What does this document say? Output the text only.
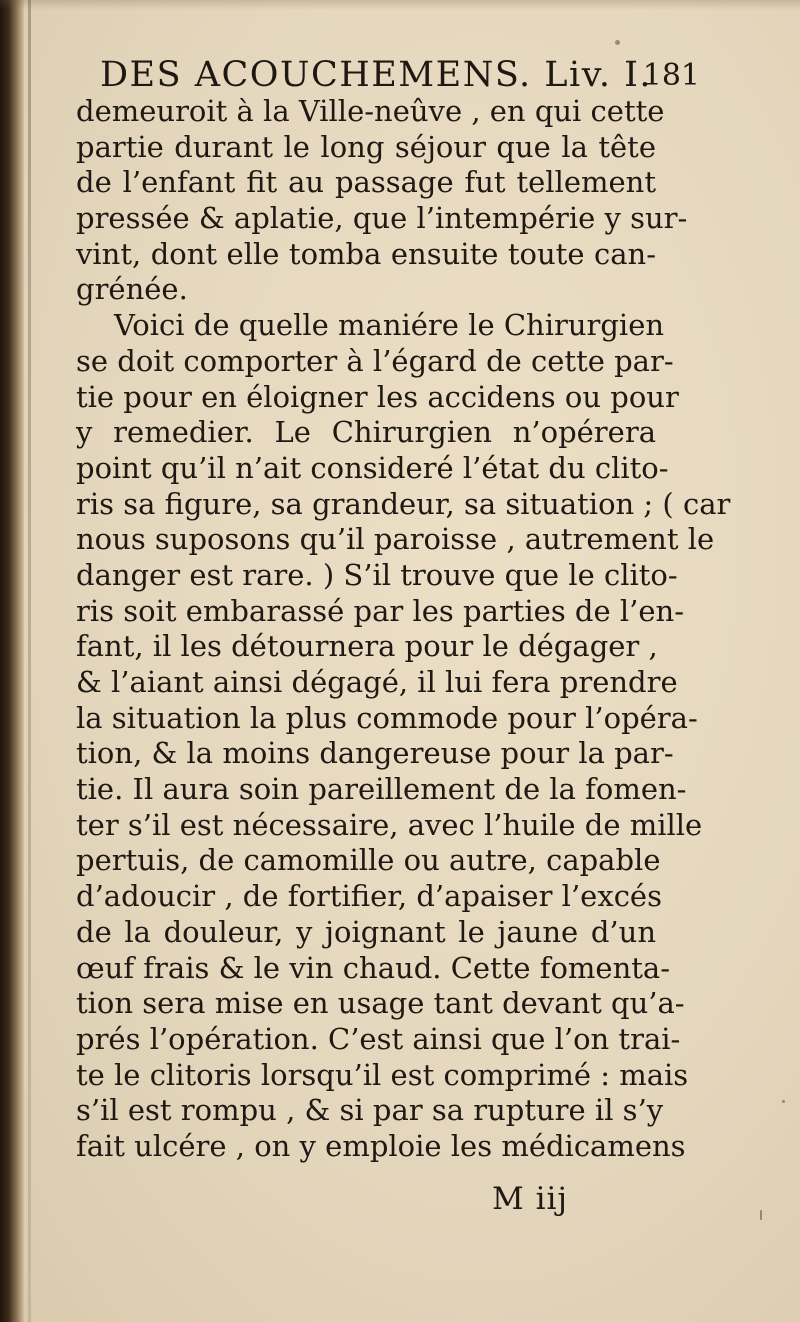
DES ACOUCHEMENS. Liv. I.
181
demeuroit à la Ville-neûve , en qui cette
partie durant le long séjour que la tête
de l’enfant fit au passage fut tellement
pressée & aplatie, que l’intempérie y sur-
vint, dont elle tomba ensuite toute can-
grénée.
Voici de quelle maniére le Chirurgien
se doit comporter à l’égard de cette par-
tie pour en éloigner les accidens ou pour
y remedier. Le Chirurgien n’opérera
point qu’il n’ait consideré l’état du clito-
ris sa figure, sa grandeur, sa situation ; ( car
nous suposons qu’il paroisse , autrement le
danger est rare. ) S’il trouve que le clito-
ris soit embarassé par les parties de l’en-
fant, il les détournera pour le dégager ,
& l’aiant ainsi dégagé, il lui fera prendre
la situation la plus commode pour l’opéra-
tion, & la moins dangereuse pour la par-
tie. Il aura soin pareillement de la fomen-
ter s’il est nécessaire, avec l’huile de mille
pertuis, de camomille ou autre, capable
d’adoucir , de fortifier, d’apaiser l’excés
de la douleur, y joignant le jaune d’un
œuf frais & le vin chaud. Cette fomenta-
tion sera mise en usage tant devant qu’a-
prés l’opération. C’est ainsi que l’on trai-
te le clitoris lorsqu’il est comprimé : mais
s’il est rompu , & si par sa rupture il s’y
fait ulcére , on y emploie les médicamens
M iij
